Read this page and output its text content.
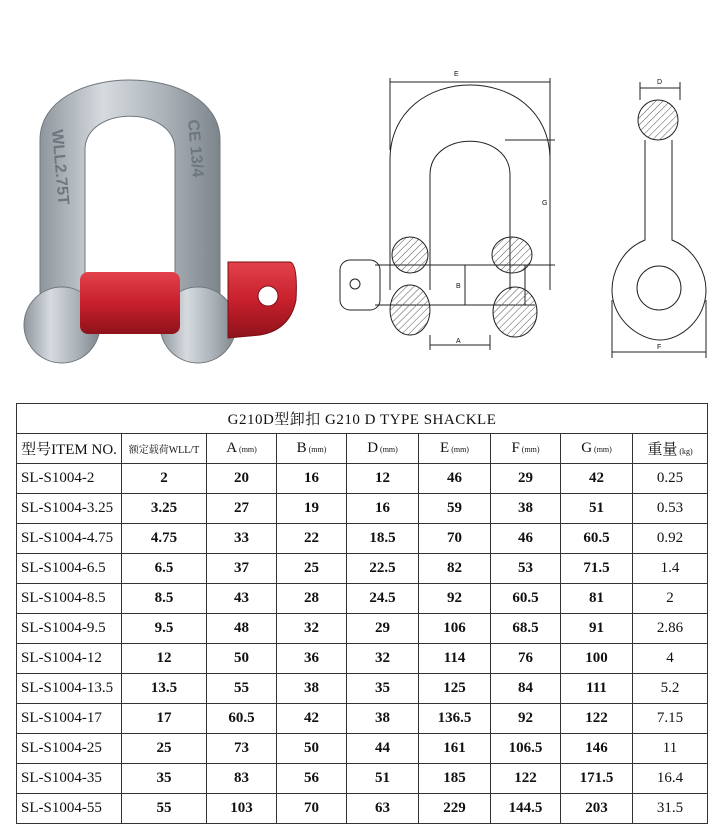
WLL2.75T	CE 13/4
E
G
B
A
D
F
G210D型卸扣 G210 D TYPE SHACKLE								
型号ITEM NO.	额定载荷WLL/T	A (mm)	B (mm)	D (mm)	E (mm)	F (mm)	G (mm)	重量 (kg)
SL-S1004-2	2	20	16	12	46	29	42	0.25
SL-S1004-3.25	3.25	27	19	16	59	38	51	0.53
SL-S1004-4.75	4.75	33	22	18.5	70	46	60.5	0.92
SL-S1004-6.5	6.5	37	25	22.5	82	53	71.5	1.4
SL-S1004-8.5	8.5	43	28	24.5	92	60.5	81	2
SL-S1004-9.5	9.5	48	32	29	106	68.5	91	2.86
SL-S1004-12	12	50	36	32	114	76	100	4
SL-S1004-13.5	13.5	55	38	35	125	84	111	5.2
SL-S1004-17	17	60.5	42	38	136.5	92	122	7.15
SL-S1004-25	25	73	50	44	161	106.5	146	11
SL-S1004-35	35	83	56	51	185	122	171.5	16.4
SL-S1004-55	55	103	70	63	229	144.5	203	31.5
